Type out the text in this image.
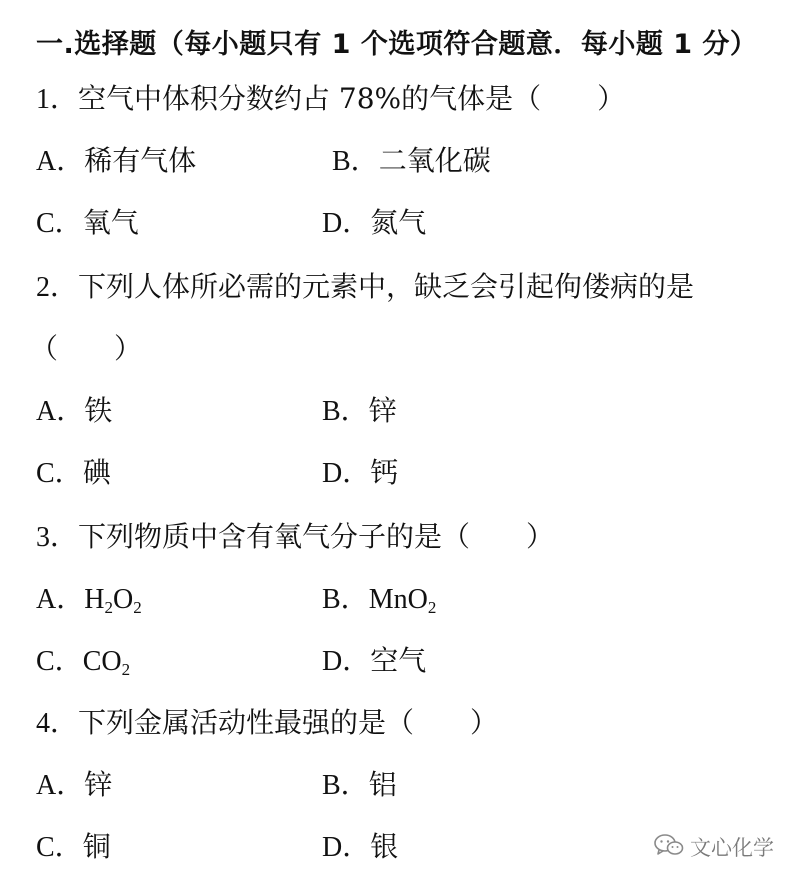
一.选择题（每小题只有 1 个选项符合题意．每小题 1 分）
1．空气中体积分数约占 78%的气体是（　　）
A．稀有气体	B．二氧化碳
C．氧气	D．氮气
2．下列人体所必需的元素中，缺乏会引起佝偻病的是
（　　）
A．铁	B．锌
C．碘	D．钙
3．下列物质中含有氧气分子的是（　　）
A．$H_2O_2$	B．MnO$_2$
C．$CO_2$	D．空气
4．下列金属活动性最强的是（　　）
A．锌	B．铝
C．铜	D．银	文心化学
